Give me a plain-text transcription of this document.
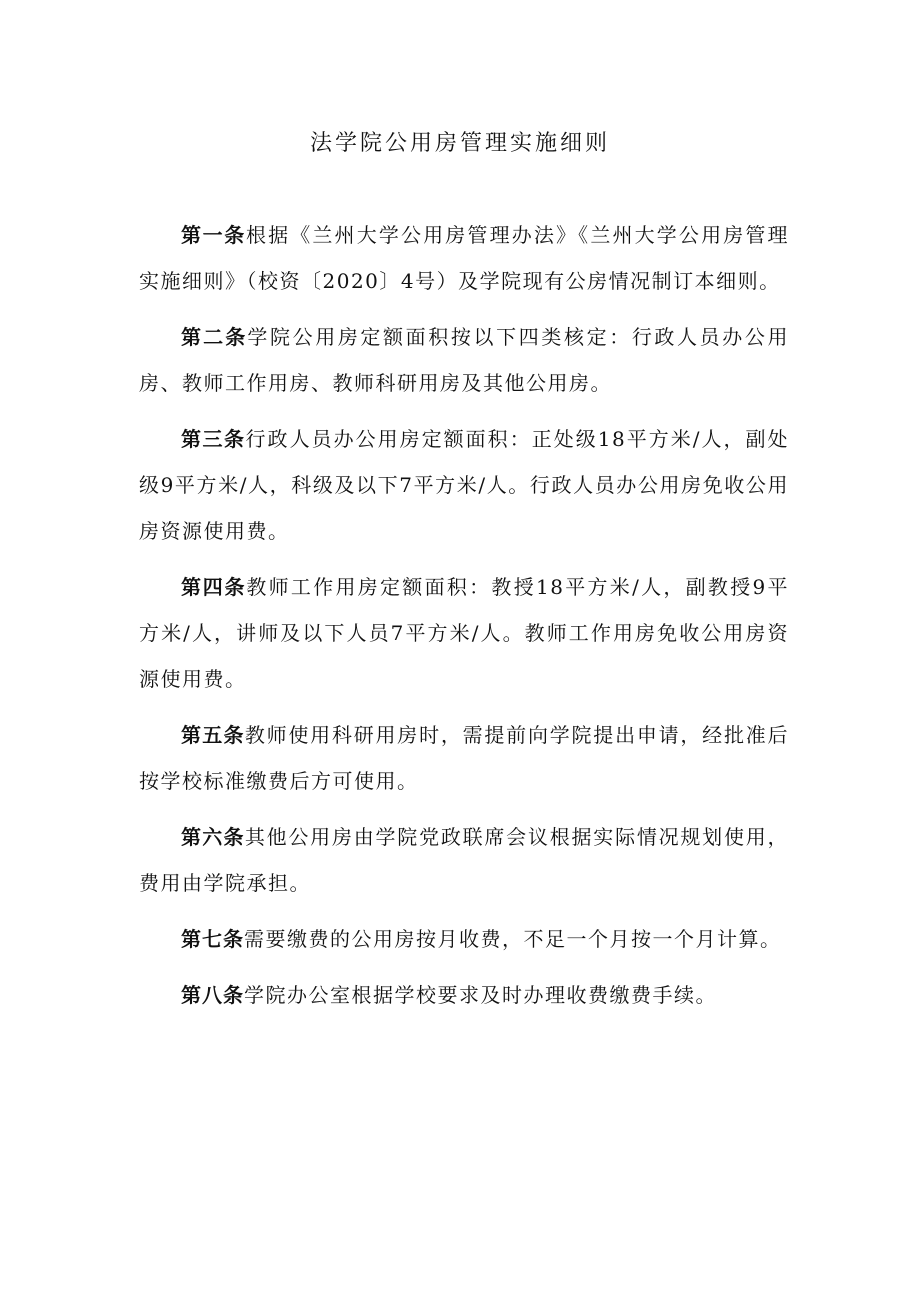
法学院公用房管理实施细则

第一条根据《兰州大学公用房管理办法》《兰州大学公用房管理实施细则》（校资〔2020〕4号）及学院现有公房情况制订本细则。

第二条学院公用房定额面积按以下四类核定：行政人员办公用房、教师工作用房、教师科研用房及其他公用房。

第三条行政人员办公用房定额面积：正处级18平方米/人，副处级9平方米/人，科级及以下7平方米/人。行政人员办公用房免收公用房资源使用费。

第四条教师工作用房定额面积：教授18平方米/人，副教授9平方米/人，讲师及以下人员7平方米/人。教师工作用房免收公用房资源使用费。

第五条教师使用科研用房时，需提前向学院提出申请，经批准后按学校标准缴费后方可使用。

第六条其他公用房由学院党政联席会议根据实际情况规划使用，费用由学院承担。

第七条需要缴费的公用房按月收费，不足一个月按一个月计算。

第八条学院办公室根据学校要求及时办理收费缴费手续。
